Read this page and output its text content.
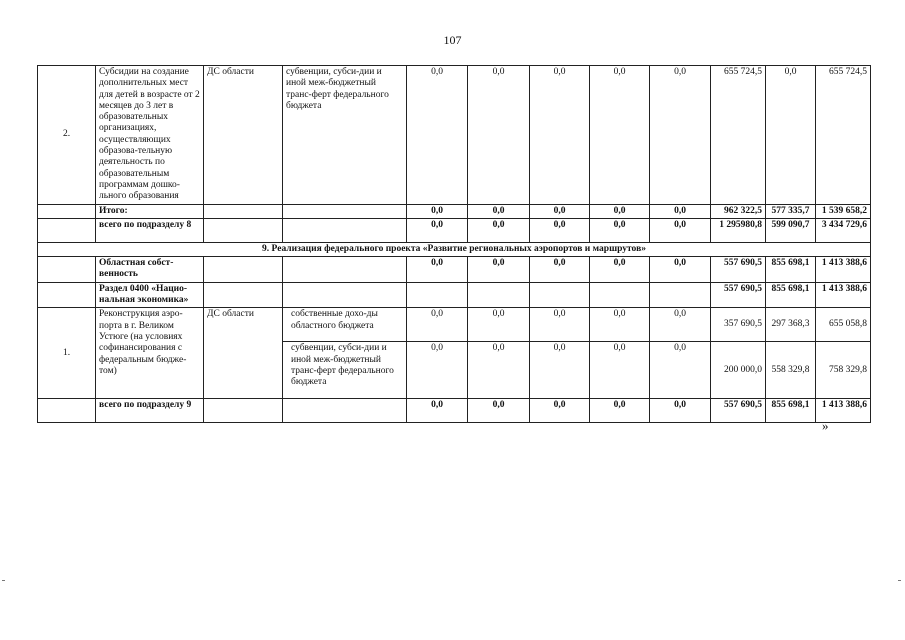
107
2.	Субсидии на создание дополнительных мест для детей в возрасте от 2 месяцев до 3 лет в образовательных организациях, осуществляющих образова-тельную деятельность по образовательным программам дошко-льного образования	ДС области	субвенции, субси-дии и иной меж-бюджетный транс-ферт федерального бюджета	0,0	0,0	0,0	0,0	0,0	655 724,5	0,0	655 724,5
	Итого:			0,0	0,0	0,0	0,0	0,0	962 322,5	577 335,7	1 539 658,2
	всего по подразделу 8			0,0	0,0	0,0	0,0	0,0	1 295980,8	599 090,7	3 434 729,6
9. Реализация федерального проекта «Развитие региональных аэропортов и маршрутов»											
	Областная собст-венность			0,0	0,0	0,0	0,0	0,0	557 690,5	855 698,1	1 413 388,6
	Раздел 0400 «Нацио-нальная экономика»								557 690,5	855 698,1	1 413 388,6
1.	Реконструкция аэро-порта в г. Великом Устюге (на условиях софинансирования с федеральным бюдже-том)	ДС области	собственные дохо-ды областного бюджета	0,0	0,0	0,0	0,0	0,0	357 690,5	297 368,3	655 058,8
			субвенции, субси-дии и иной меж-бюджетный транс-ферт федерального бюджета	0,0	0,0	0,0	0,0	0,0	200 000,0	558 329,8	758 329,8
	всего по подразделу 9			0,0	0,0	0,0	0,0	0,0	557 690,5	855 698,1	1 413 388,6
»
